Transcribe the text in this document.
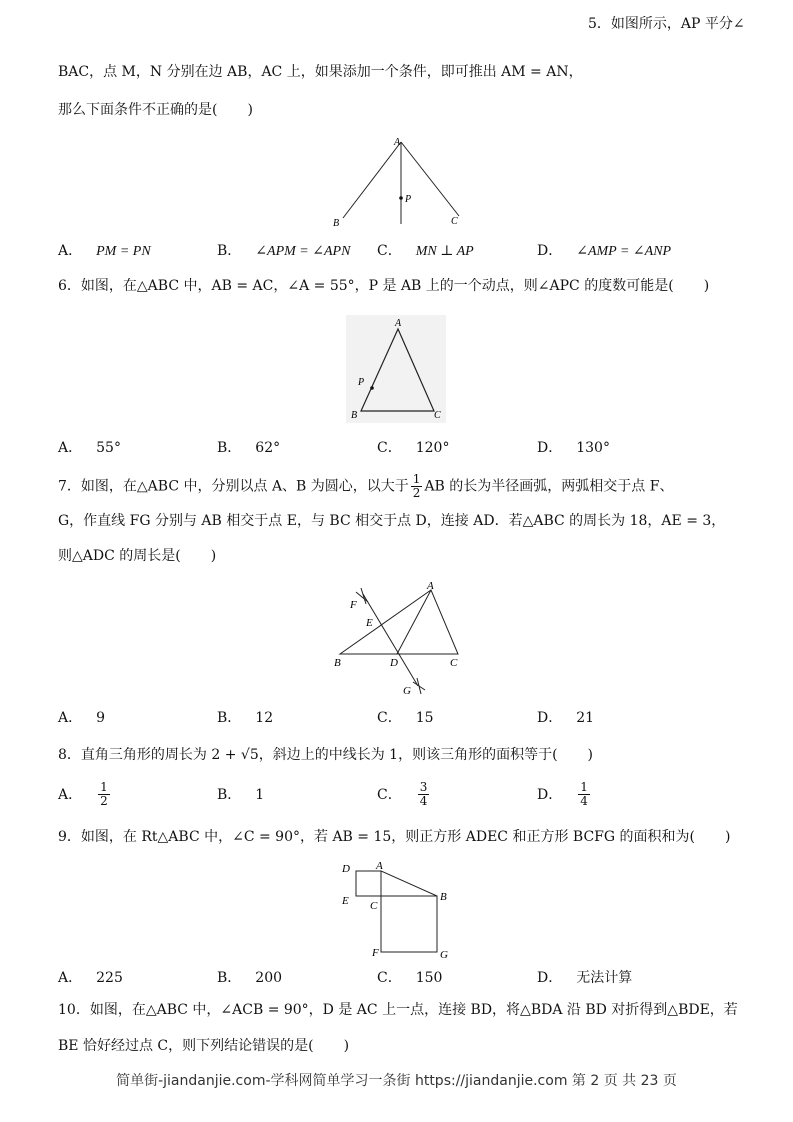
5．如图所示，AP 平分∠
BAC，点 M，N 分别在边 AB，AC 上，如果添加一个条件，即可推出 AM = AN，
那么下面条件不正确的是( )
A
B	C
P
A． PM = PN	B． ∠APM = ∠APN C． MN ⊥ AP	D． ∠AMP = ∠ANP
6．如图，在△ABC 中，AB = AC，∠A = 55°，P 是 AB 上的一个动点，则∠APC 的度数可能是( )
A
B	C
P
A． 55°	B． 62°	C． 120°	D． 130°
7．如图，在△ABC 中，分别以点 A、B 为圆心，以大于 $\frac{1}{2}$ AB 的长为半径画弧，两弧相交于点 F、
G，作直线 FG 分别与 AB 相交于点 E，与 BC 相交于点 D，连接 AD．若△ABC 的周长为 18，AE = 3，
则△ADC 的周长是( )
A
B	C
D
E
F
G
A． 9	B． 12	C． 15	D． 21
8．直角三角形的周长为 2 + √5，斜边上的中线长为 1，则该三角形的面积等于( )
A． $\frac{1}{2}$	B． 1	C． $\frac{3}{4}$	D． $\frac{1}{4}$
9．如图，在 Rt△ABC 中，∠C = 90°，若 AB = 15，则正方形 ADEC 和正方形 BCFG 的面积和为( )
A
B
C
D
E
F	G
A． 225	B． 200	C． 150	D． 无法计算
10．如图，在△ABC 中，∠ACB = 90°，D 是 AC 上一点，连接 BD，将△BDA 沿 BD 对折得到△BDE，若
BE 恰好经过点 C，则下列结论错误的是( )
简单街-jiandanjie.com-学科网简单学习一条街 https://jiandanjie.com 第 2 页 共 23 页
